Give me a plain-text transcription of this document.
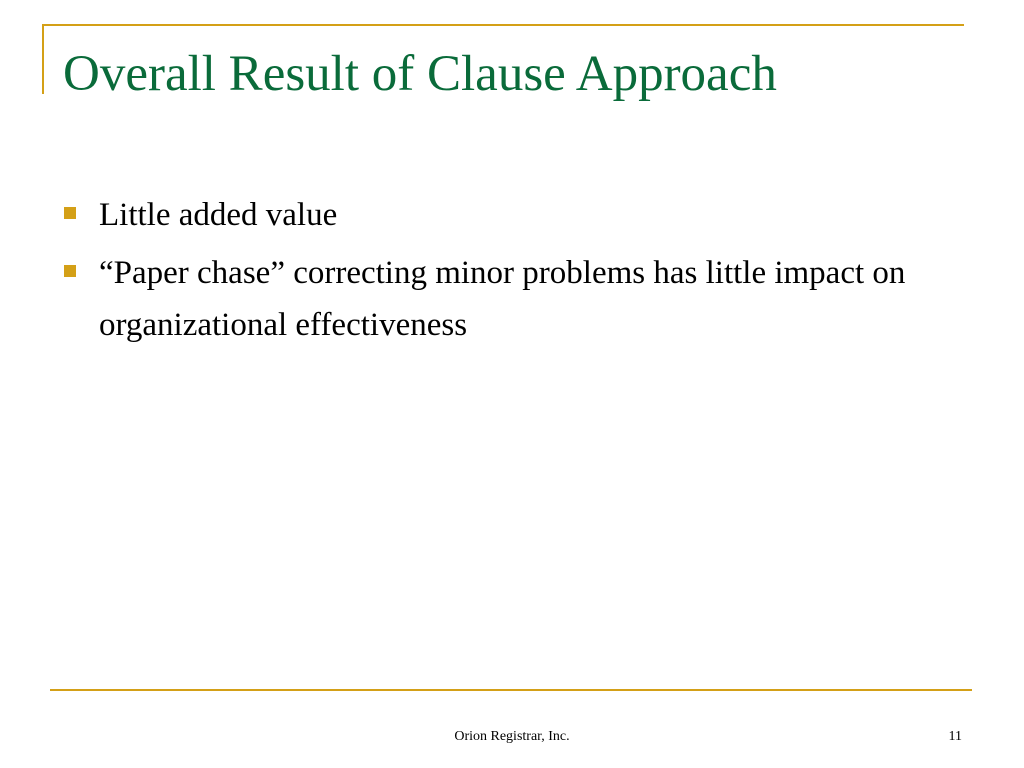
Overall Result of Clause Approach
Little added value
“Paper chase” correcting minor problems has little impact on organizational effectiveness
Orion Registrar, Inc.	11
